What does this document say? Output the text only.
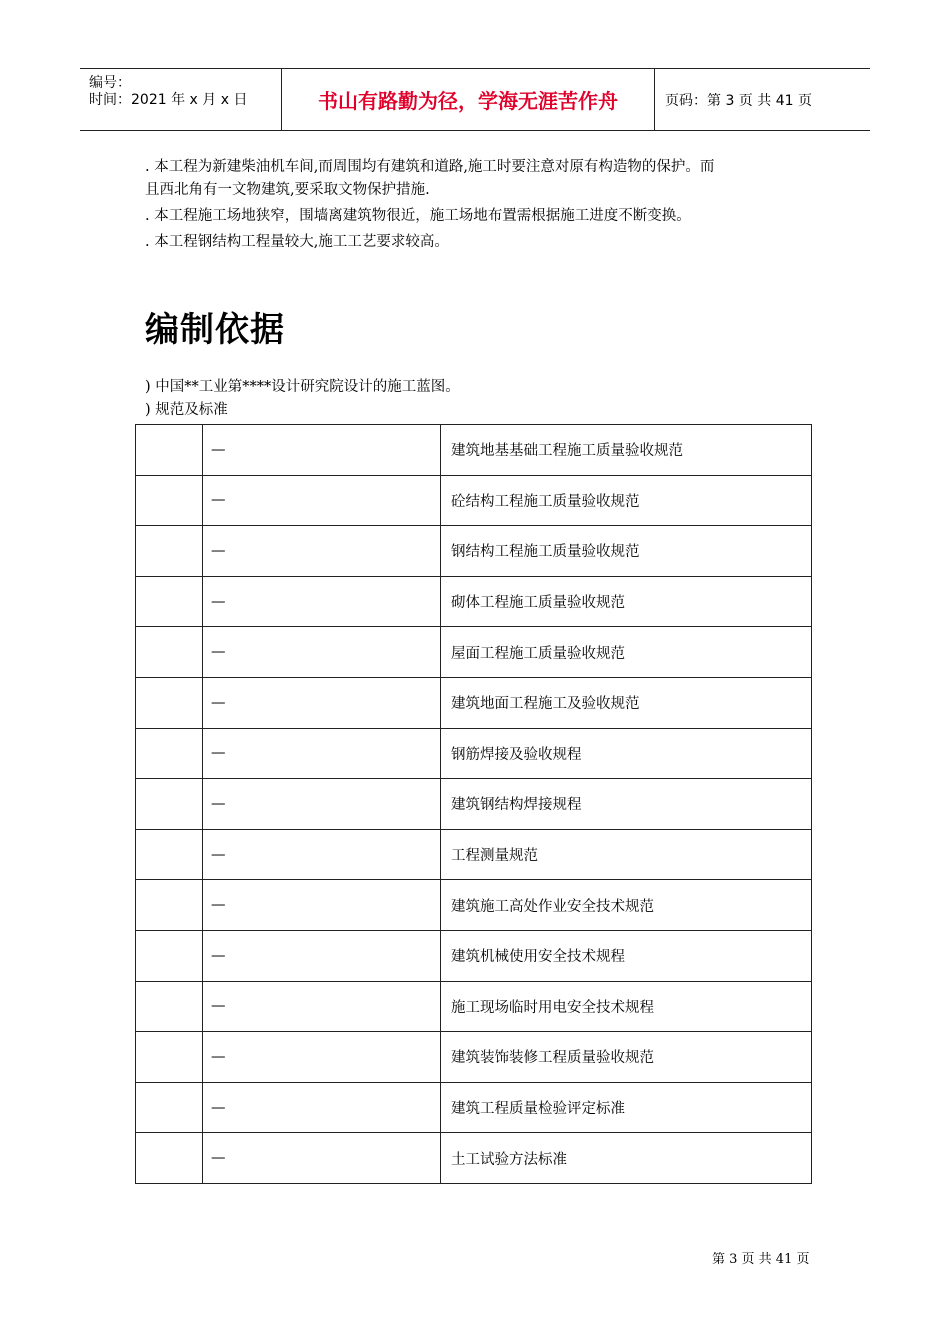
编号：
时间：2021 年 x 月 x 日	书山有路勤为径，学海无涯苦作舟	页码：第 3 页 共 41 页
. 本工程为新建柴油机车间,而周围均有建筑和道路,施工时要注意对原有构造物的保护。而
且西北角有一文物建筑,要采取文物保护措施.
. 本工程施工场地狭窄，围墙离建筑物很近，施工场地布置需根据施工进度不断变换。
. 本工程钢结构工程量较大,施工工艺要求较高。
编制依据
) 中国**工业第****设计研究院设计的施工蓝图。
) 规范及标准
	—	建筑地基基础工程施工质量验收规范
	—	砼结构工程施工质量验收规范
	—	钢结构工程施工质量验收规范
	—	砌体工程施工质量验收规范
	—	屋面工程施工质量验收规范
	—	建筑地面工程施工及验收规范
	—	钢筋焊接及验收规程
	—	建筑钢结构焊接规程
	—	工程测量规范
	—	建筑施工高处作业安全技术规范
	—	建筑机械使用安全技术规程
	—	施工现场临时用电安全技术规程
	—	建筑装饰装修工程质量验收规范
	—	建筑工程质量检验评定标准
	—	土工试验方法标准
第 3 页 共 41 页
